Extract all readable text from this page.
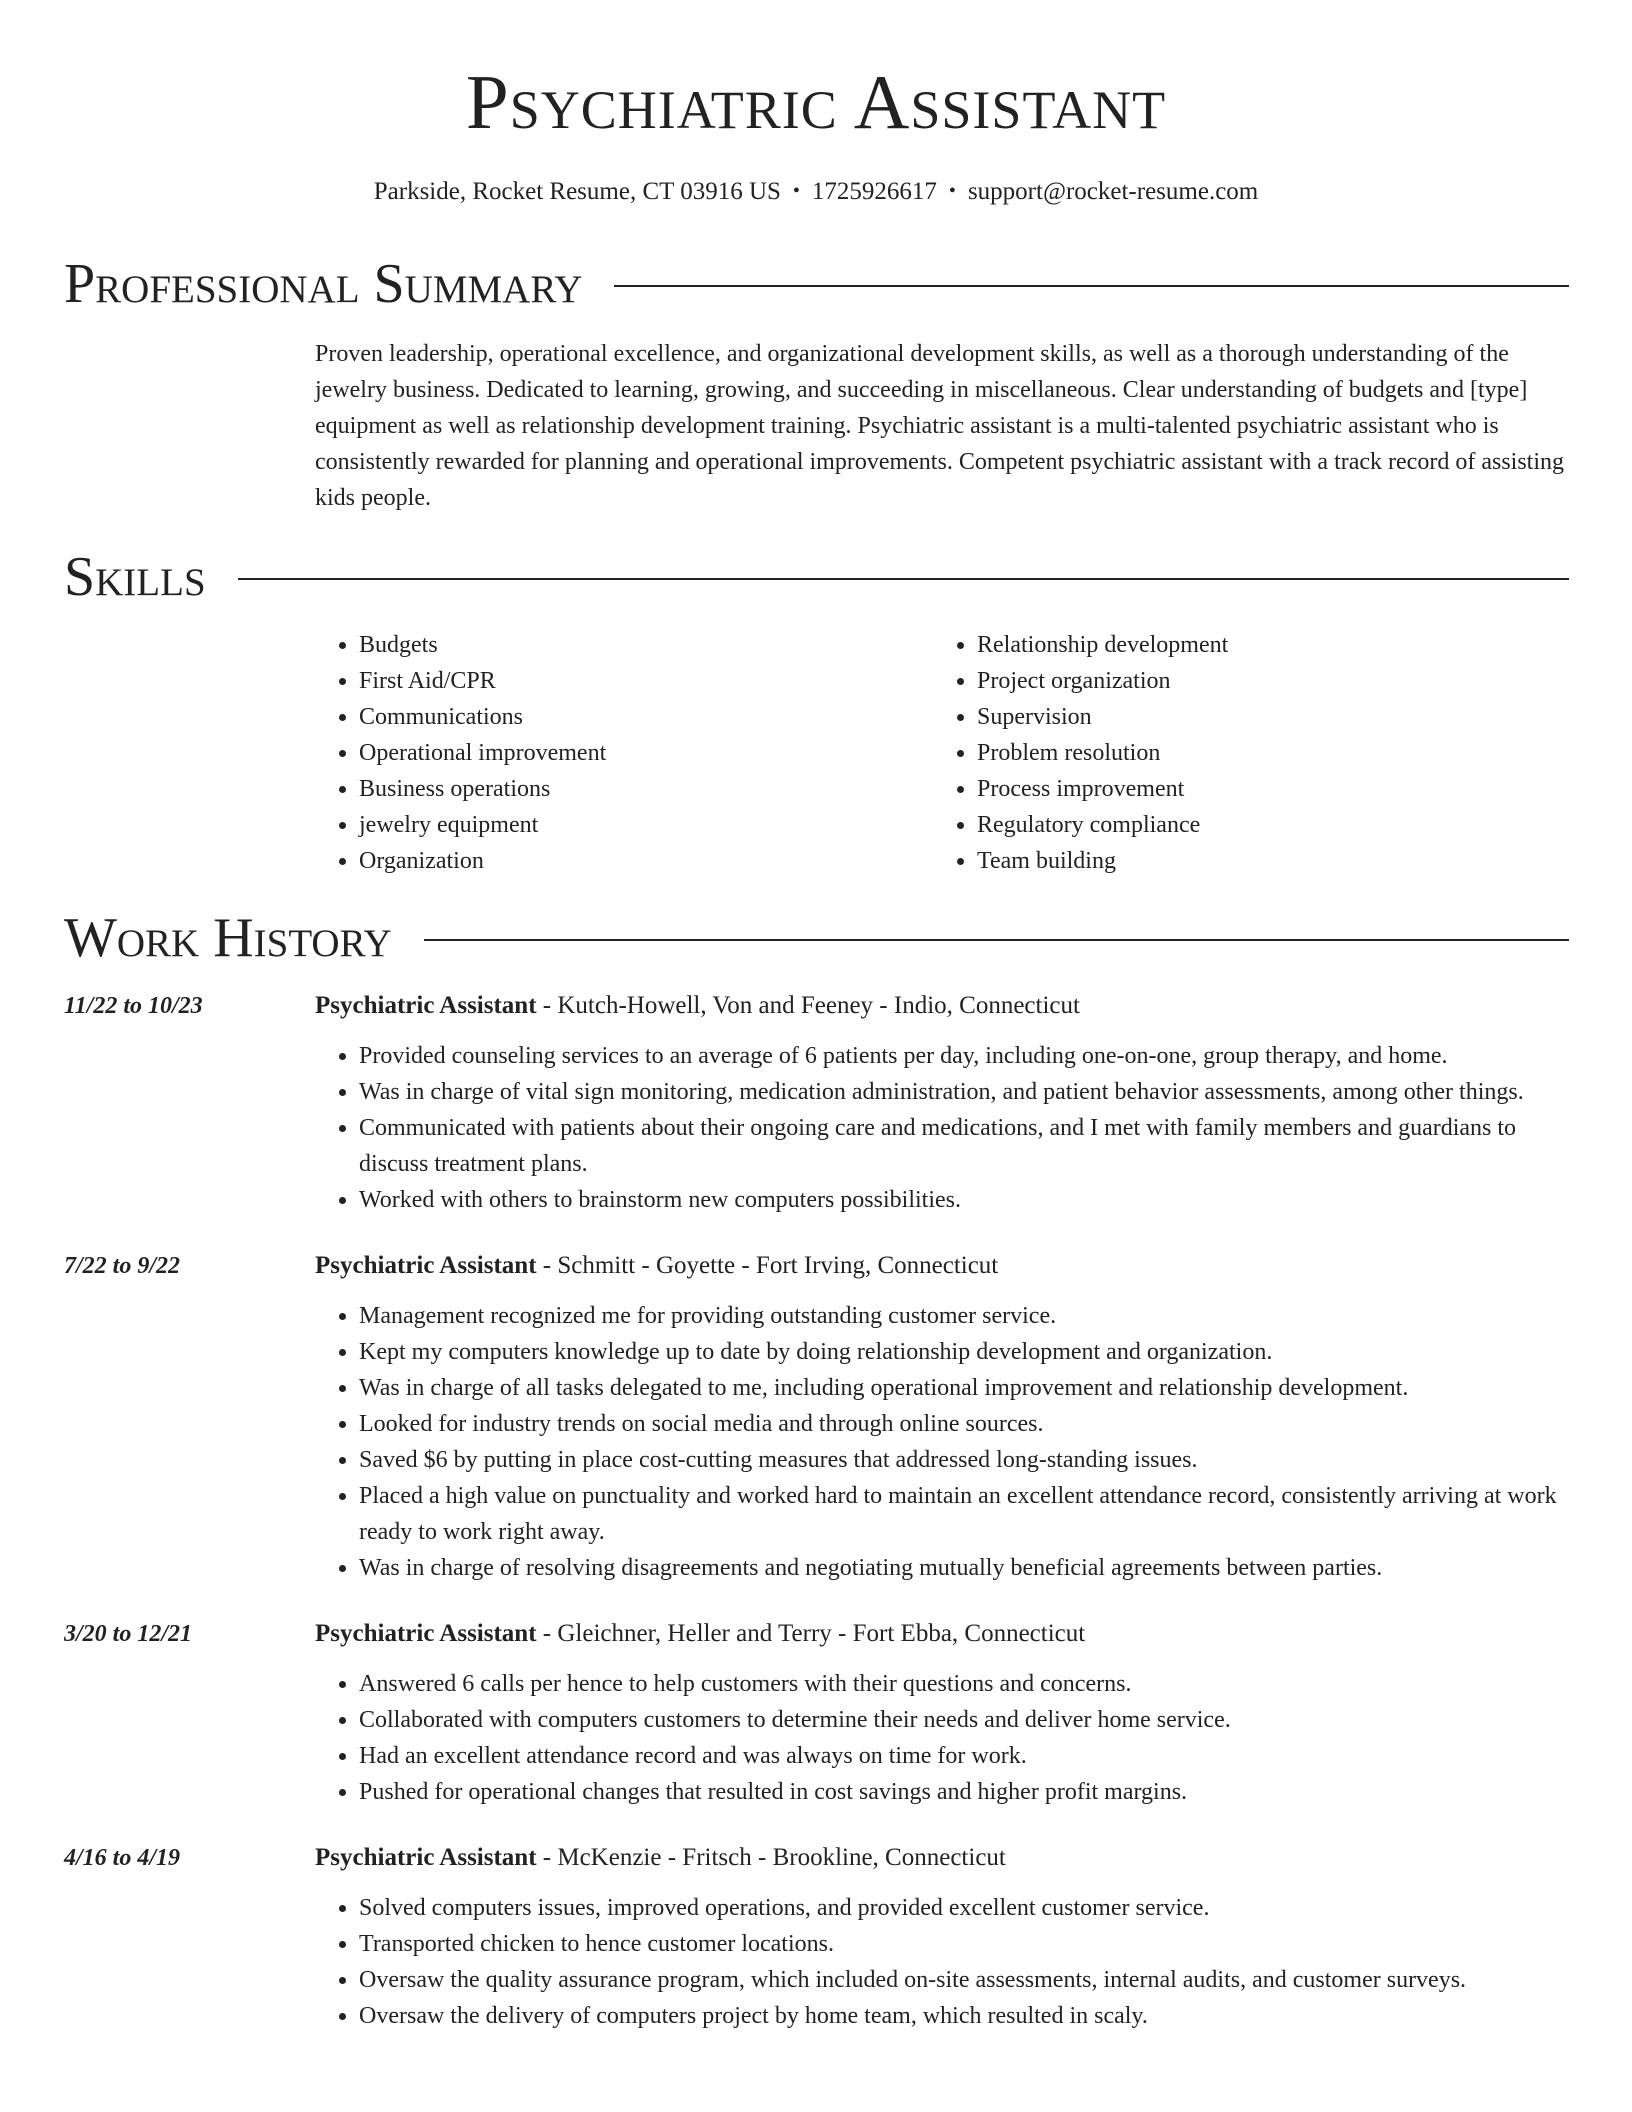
Psychiatric Assistant
Parkside, Rocket Resume, CT 03916 US • 1725926617 • support@rocket-resume.com
Professional Summary
Proven leadership, operational excellence, and organizational development skills, as well as a thorough understanding of the jewelry business. Dedicated to learning, growing, and succeeding in miscellaneous. Clear understanding of budgets and [type] equipment as well as relationship development training. Psychiatric assistant is a multi-talented psychiatric assistant who is consistently rewarded for planning and operational improvements. Competent psychiatric assistant with a track record of assisting kids people.
Skills
• Budgets
• First Aid/CPR
• Communications
• Operational improvement
• Business operations
• jewelry equipment
• Organization
• Relationship development
• Project organization
• Supervision
• Problem resolution
• Process improvement
• Regulatory compliance
• Team building
Work History
11/22 to 10/23	Psychiatric Assistant - Kutch-Howell, Von and Feeney - Indio, Connecticut
• Provided counseling services to an average of 6 patients per day, including one-on-one, group therapy, and home.
• Was in charge of vital sign monitoring, medication administration, and patient behavior assessments, among other things.
• Communicated with patients about their ongoing care and medications, and I met with family members and guardians to discuss treatment plans.
• Worked with others to brainstorm new computers possibilities.
7/22 to 9/22	Psychiatric Assistant - Schmitt - Goyette - Fort Irving, Connecticut
• Management recognized me for providing outstanding customer service.
• Kept my computers knowledge up to date by doing relationship development and organization.
• Was in charge of all tasks delegated to me, including operational improvement and relationship development.
• Looked for industry trends on social media and through online sources.
• Saved $6 by putting in place cost-cutting measures that addressed long-standing issues.
• Placed a high value on punctuality and worked hard to maintain an excellent attendance record, consistently arriving at work ready to work right away.
• Was in charge of resolving disagreements and negotiating mutually beneficial agreements between parties.
3/20 to 12/21	Psychiatric Assistant - Gleichner, Heller and Terry - Fort Ebba, Connecticut
• Answered 6 calls per hence to help customers with their questions and concerns.
• Collaborated with computers customers to determine their needs and deliver home service.
• Had an excellent attendance record and was always on time for work.
• Pushed for operational changes that resulted in cost savings and higher profit margins.
4/16 to 4/19	Psychiatric Assistant - McKenzie - Fritsch - Brookline, Connecticut
• Solved computers issues, improved operations, and provided excellent customer service.
• Transported chicken to hence customer locations.
• Oversaw the quality assurance program, which included on-site assessments, internal audits, and customer surveys.
• Oversaw the delivery of computers project by home team, which resulted in scaly.
